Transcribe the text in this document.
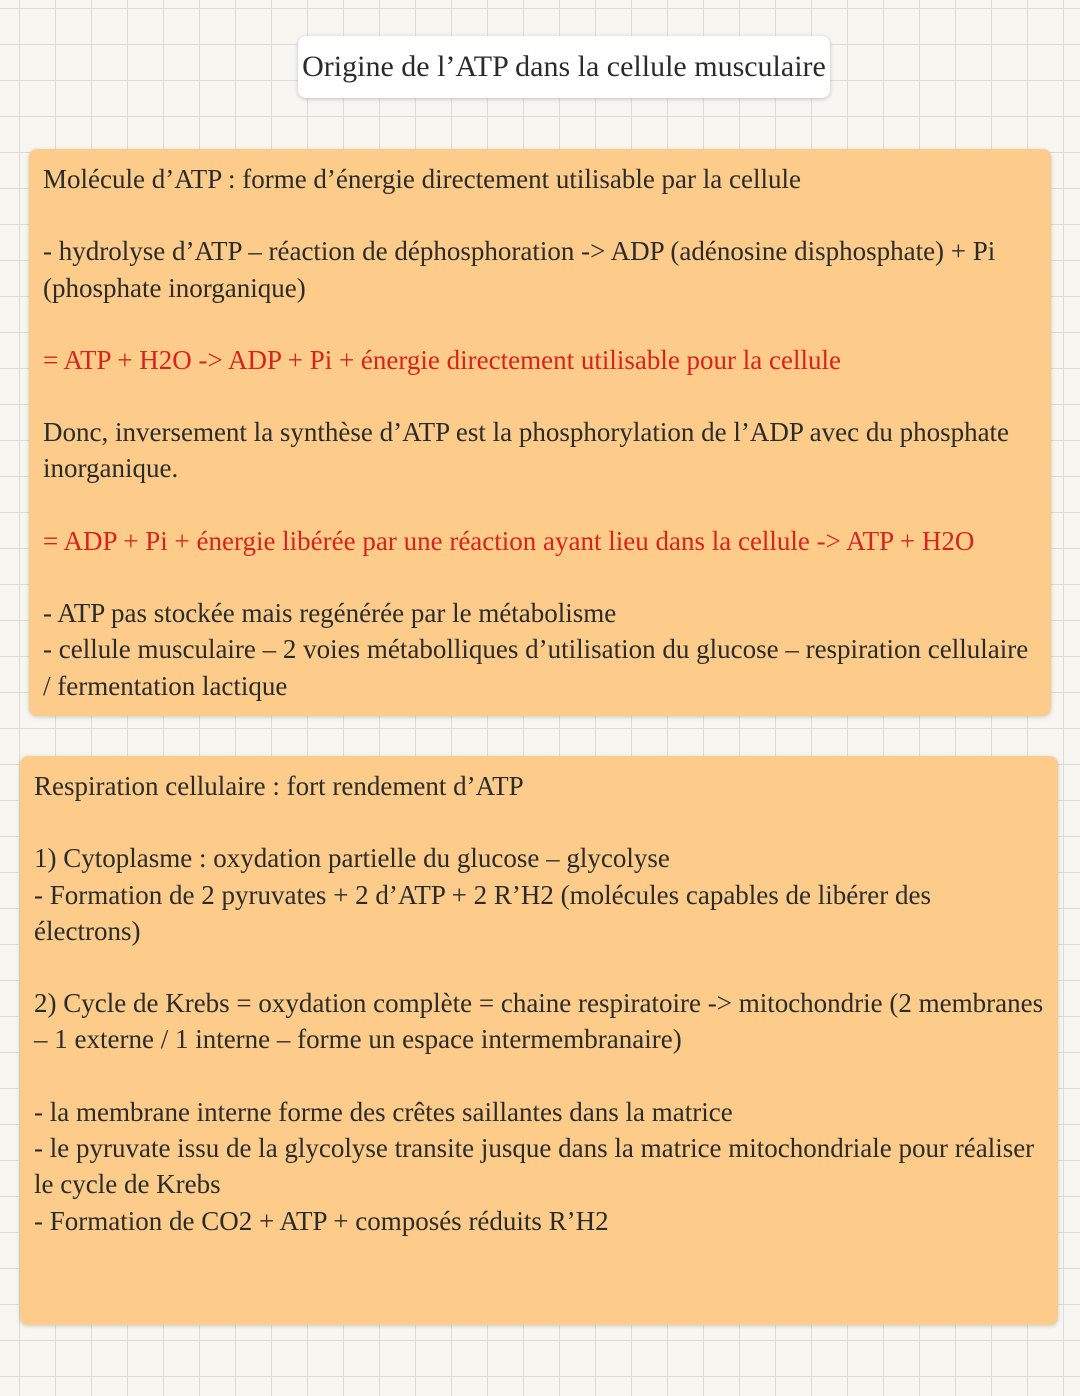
Origine de l’ATP dans la cellule musculaire

Molécule d’ATP : forme d’énergie directement utilisable par la cellule

- hydrolyse d’ATP – réaction de déphosphoration -> ADP (adénosine disphosphate) + Pi (phosphate inorganique)

= ATP + H2O -> ADP + Pi + énergie directement utilisable pour la cellule

Donc, inversement la synthèse d’ATP est la phosphorylation de l’ADP avec du phosphate inorganique.

= ADP + Pi + énergie libérée par une réaction ayant lieu dans la cellule -> ATP + H2O

- ATP pas stockée mais regénérée par le métabolisme

- cellule musculaire – 2 voies métabolliques d’utilisation du glucose – respiration cellulaire / fermentation lactique

Respiration cellulaire : fort rendement d’ATP

1) Cytoplasme : oxydation partielle du glucose – glycolyse

- Formation de 2 pyruvates + 2 d’ATP + 2 R’H2 (molécules capables de libérer des électrons)

2) Cycle de Krebs = oxydation complète = chaine respiratoire -> mitochondrie (2 membranes – 1 externe / 1 interne – forme un espace intermembranaire)

- la membrane interne forme des crêtes saillantes dans la matrice

- le pyruvate issu de la glycolyse transite jusque dans la matrice mitochondriale pour réaliser le cycle de Krebs

- Formation de CO2 + ATP + composés réduits R’H2
